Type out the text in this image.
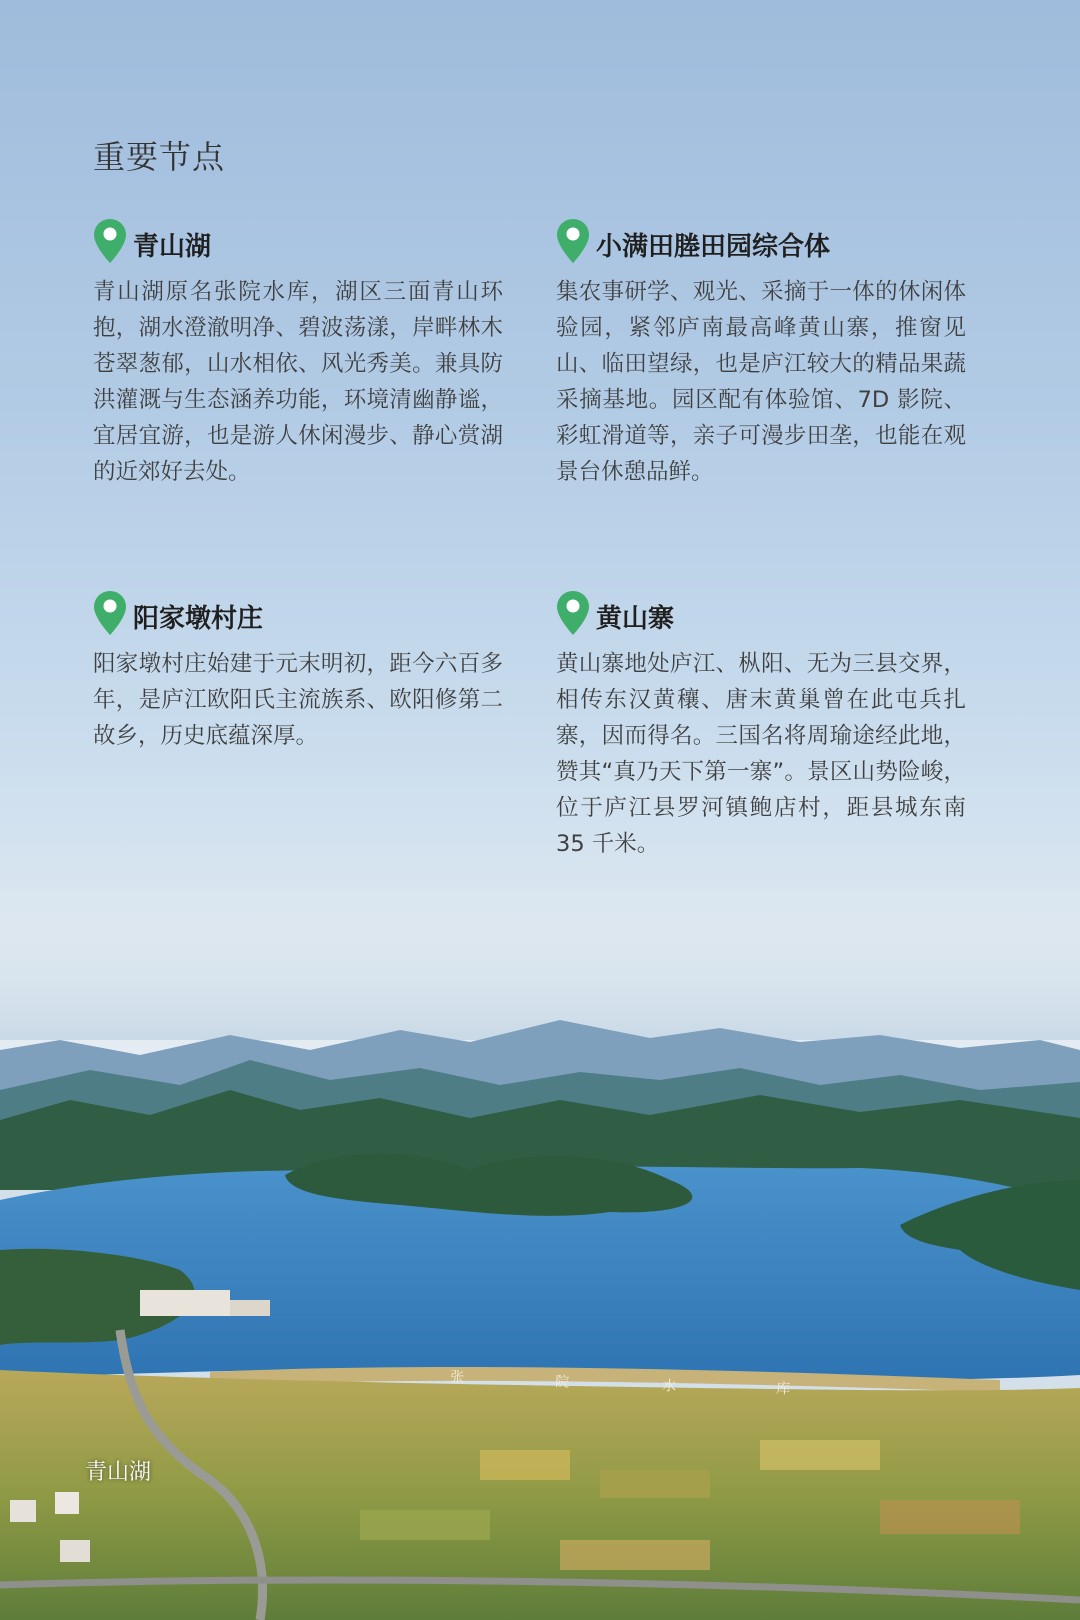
重要节点
青山湖

青山湖原名张院水库，湖区三面青山环抱，湖水澄澈明净、碧波荡漾，岸畔林木苍翠葱郁，山水相依、风光秀美。兼具防洪灌溉与生态涵养功能，环境清幽静谧，宜居宜游，也是游人休闲漫步、静心赏湖的近郊好去处。

小满田塍田园综合体

集农事研学、观光、采摘于一体的休闲体验园，紧邻庐南最高峰黄山寨，推窗见山、临田望绿，也是庐江较大的精品果蔬采摘基地。园区配有体验馆、7D 影院、彩虹滑道等，亲子可漫步田垄，也能在观景台休憩品鲜。

阳家墩村庄

阳家墩村庄始建于元末明初，距今六百多年，是庐江欧阳氏主流族系、欧阳修第二故乡，历史底蕴深厚。

黄山寨

黄山寨地处庐江、枞阳、无为三县交界，相传东汉黄穰、唐末黄巢曾在此屯兵扎寨，因而得名。三国名将周瑜途经此地，赞其“真乃天下第一寨”。景区山势险峻，位于庐江县罗河镇鲍店村，距县城东南 35 千米。

张	院	水	库

青山湖
